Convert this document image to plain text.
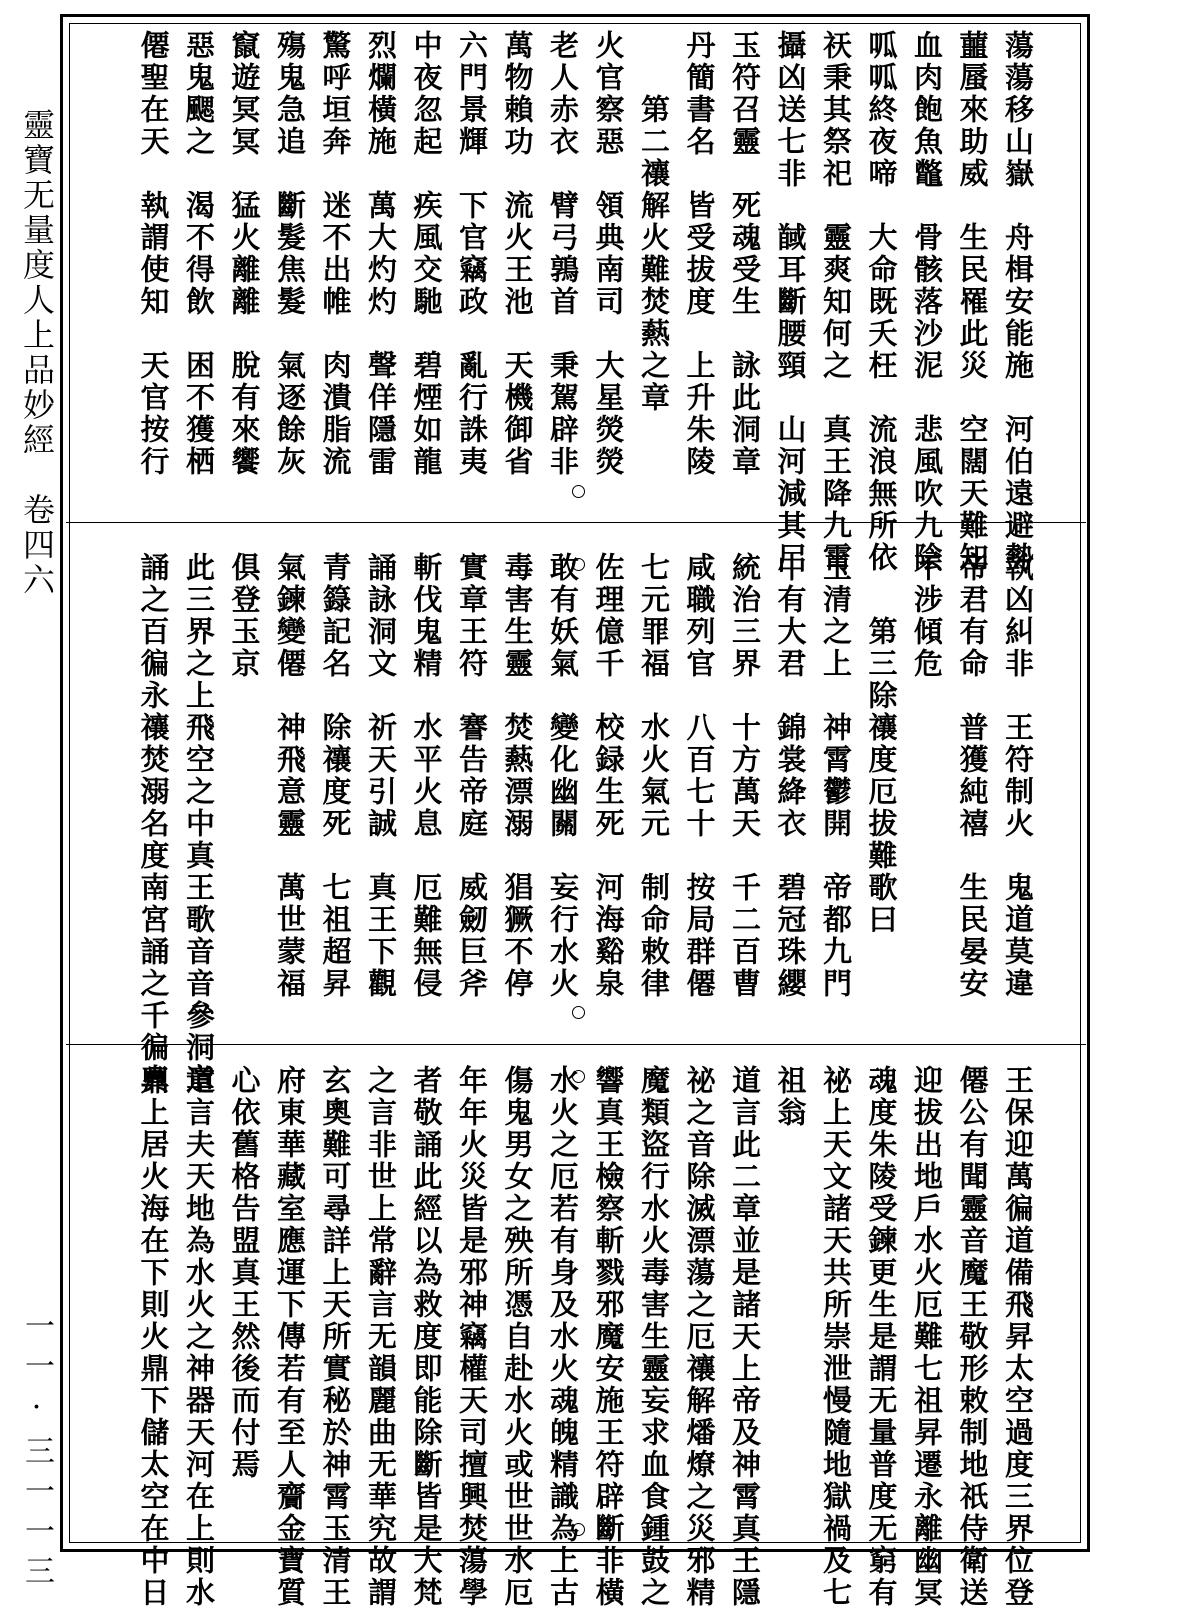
靈寶无量度人上品妙經　卷四六
一一·三一一三
蕩蕩移山嶽　舟楫安能施　河伯遠避勢
蘁蜃來助威　生民罹此災　空闊天難知
血肉飽魚鼈　骨骸落沙泥　悲風吹九陰
呱呱終夜啼　大命既夭枉　流浪無所依
祆秉其祭祀　靈爽知何之　真王降九霄
攝凶送七非　馘耳斷腰頸　山河減其尸
玉符召靈　死魂受生　詠此洞章
丹簡書名　皆受拔度　上升朱陵
　　第二禳解火難焚爇之章
火官察惡　領典南司　大星熒熒
老人赤衣　臂弓鶉首　秉駕辟非
萬物賴功　流火王池　天機御省
六門景輝　下官竊政　亂行誅夷
中夜忽起　疾風交馳　碧煙如龍
烈爛橫施　萬大灼灼　聲佯隱雷
驚呼垣奔　迷不出帷　肉潰脂流
殤鬼急追　斷髮焦髮　氣逐餘灰
竄遊冥冥　猛火離離　脫有來饗
惡鬼颸之　渴不得飲　困不獲栖
僊聖在天　執謂使知　天官按行
執凶糾非　王符制火　鬼道莫違
帝君有命　普獲純禧　生民晏安
不涉傾危
　　第三除禳度厄拔難歌曰
玉清之上　神霄鬱開　帝都九門
中有大君　錦裳絳衣　碧冠珠纓
統治三界　十方萬天　千二百曹
咸職列官　八百七十　按局群僊
七元罪福　水火氣元　制命敕律
佐理億千　校録生死　河海谿泉
敢有妖氣　變化幽關　妄行水火
毒害生靈　焚爇漂溺　猖獗不停
實章王符　謇告帝庭　威劒巨斧
斬伐鬼精　水平火息　厄難無侵
誦詠洞文　祈天引誠　真王下觀
青籙記名　除禳度死　七祖超昇
氣鍊變僊　神飛意靈　萬世蒙福
俱登玉京
此三界之上飛空之中真王歌音音參洞章
誦之百徧永禳焚溺名度南宮誦之千徧真
王保迎萬徧道備飛昇太空過度三界位登
僊公有聞靈音魔王敬形敕制地祇侍衛送
迎拔出地戶水火厄難七祖昇遷永離幽冥
魂度朱陵受鍊更生是謂无量普度无窮有
祕上天文諸天共所崇泄慢隨地獄禍及七
祖翁
道言此二章並是諸天上帝及神霄真王隱
祕之音除滅漂蕩之厄禳解燔燎之災邪精
魔類盜行水火毒害生靈妄求血食鍾鼓之
響真王檢察斬戮邪魔安施王符辟斷非橫
水火之厄若有身及水火魂魄精識為上古
傷鬼男女之殃所憑自赴水火或世世水厄
年年火災皆是邪神竊權天司擅興焚蕩學
者敬誦此經以為救度即能除斷皆是大梵
之言非世上常辭言无韻麗曲无華究故謂
玄奧難可尋詳上天所實秘於神霄玉清王
府東華藏室應運下傳若有至人齎金寶質
心依舊格告盟真王然後而付焉
道言夫天地為水火之神器天河在上則水
鼎上居火海在下則火鼎下儲太空在中日
